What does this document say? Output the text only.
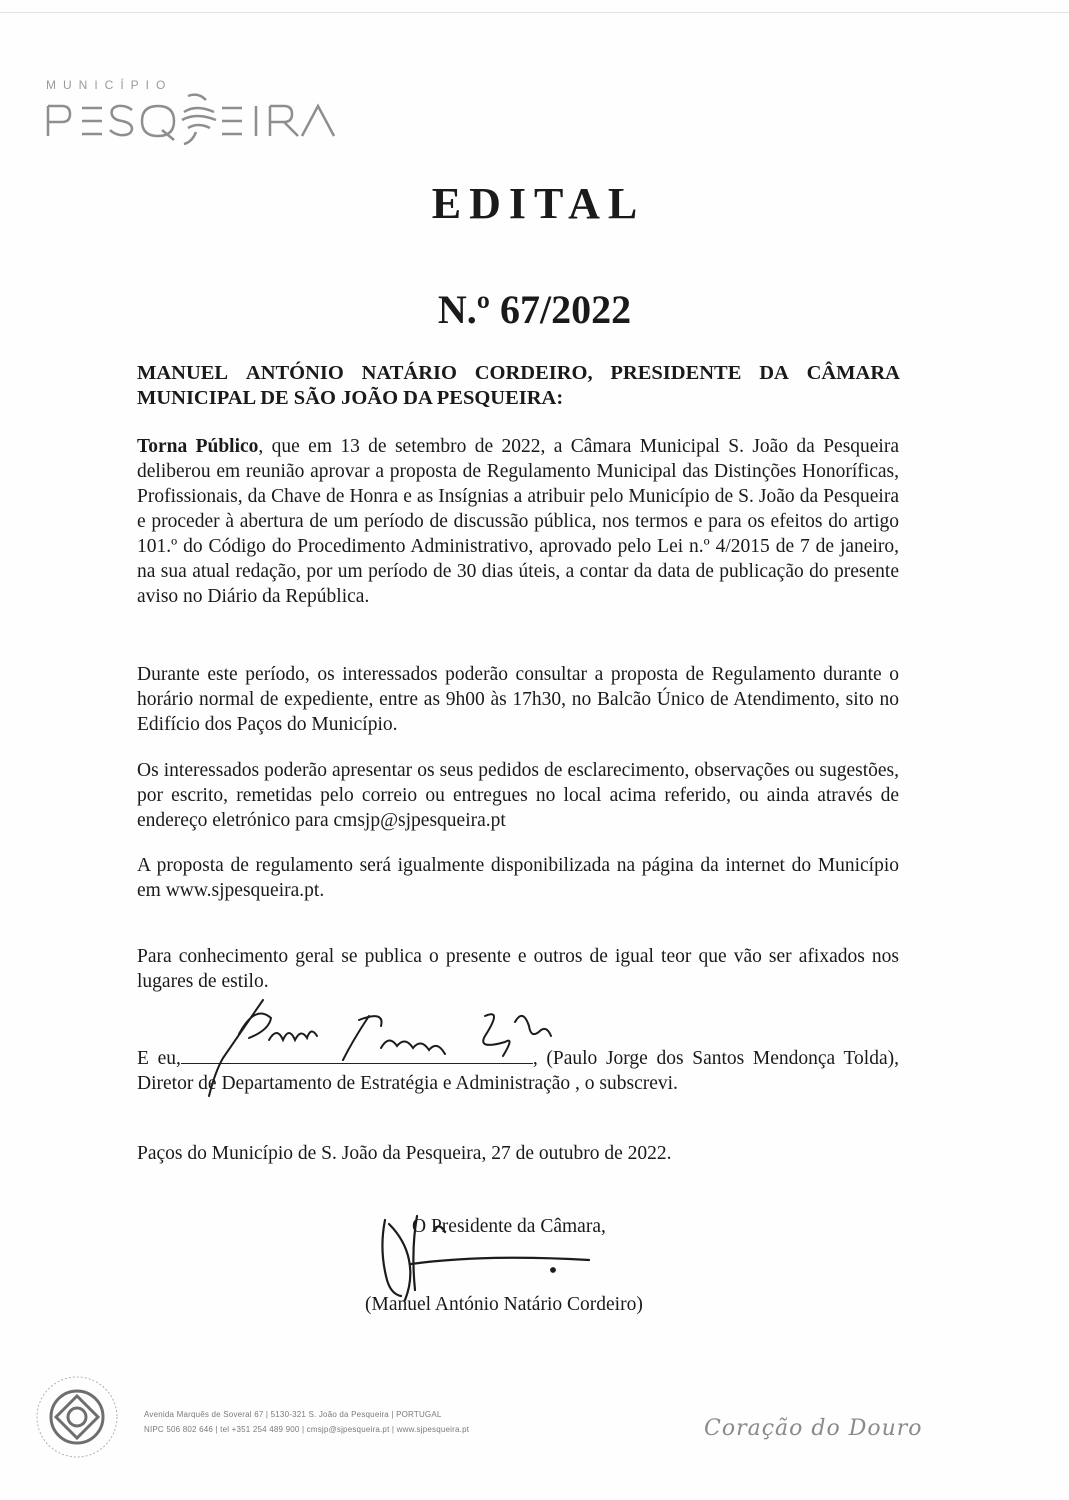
MUNICÍPIO
EDITAL
N.º 67/2022
MANUEL ANTÓNIO NATÁRIO CORDEIRO, PRESIDENTE DA CÂMARA
MUNICIPAL DE SÃO JOÃO DA PESQUEIRA:
Torna Público, que em 13 de setembro de 2022, a Câmara Municipal S. João da Pesqueira deliberou em reunião aprovar a proposta de Regulamento Municipal das Distinções Honoríficas, Profissionais, da Chave de Honra e as Insígnias a atribuir pelo Município de S. João da Pesqueira e proceder à abertura de um período de discussão pública, nos termos e para os efeitos do artigo 101.º do Código do Procedimento Administrativo, aprovado pelo Lei n.º 4/2015 de 7 de janeiro, na sua atual redação, por um período de 30 dias úteis, a contar da data de publicação do presente aviso no Diário da República.
Durante este período, os interessados poderão consultar a proposta de Regulamento durante o horário normal de expediente, entre as 9h00 às 17h30, no Balcão Único de Atendimento, sito no Edifício dos Paços do Município.
Os interessados poderão apresentar os seus pedidos de esclarecimento, observações ou sugestões, por escrito, remetidas pelo correio ou entregues no local acima referido, ou ainda através de endereço eletrónico para cmsjp@sjpesqueira.pt
A proposta de regulamento será igualmente disponibilizada na página da internet do Município em www.sjpesqueira.pt.
Para conhecimento geral se publica o presente e outros de igual teor que vão ser afixados nos lugares de estilo.
E eu,	, (Paulo Jorge dos Santos Mendonça Tolda), Diretor de Departamento de Estratégia e Administração , o subscrevi.
Paços do Município de S. João da Pesqueira, 27 de outubro de 2022.
O Presidente da Câmara,
(Manuel António Natário Cordeiro)
Avenida Marquês de Soveral 67 | 5130-321 S. João da Pesqueira | PORTUGAL
NIPC 506 802 646 | tel +351 254 489 900 | cmsjp@sjpesqueira.pt | www.sjpesqueira.pt	Coração do Douro
